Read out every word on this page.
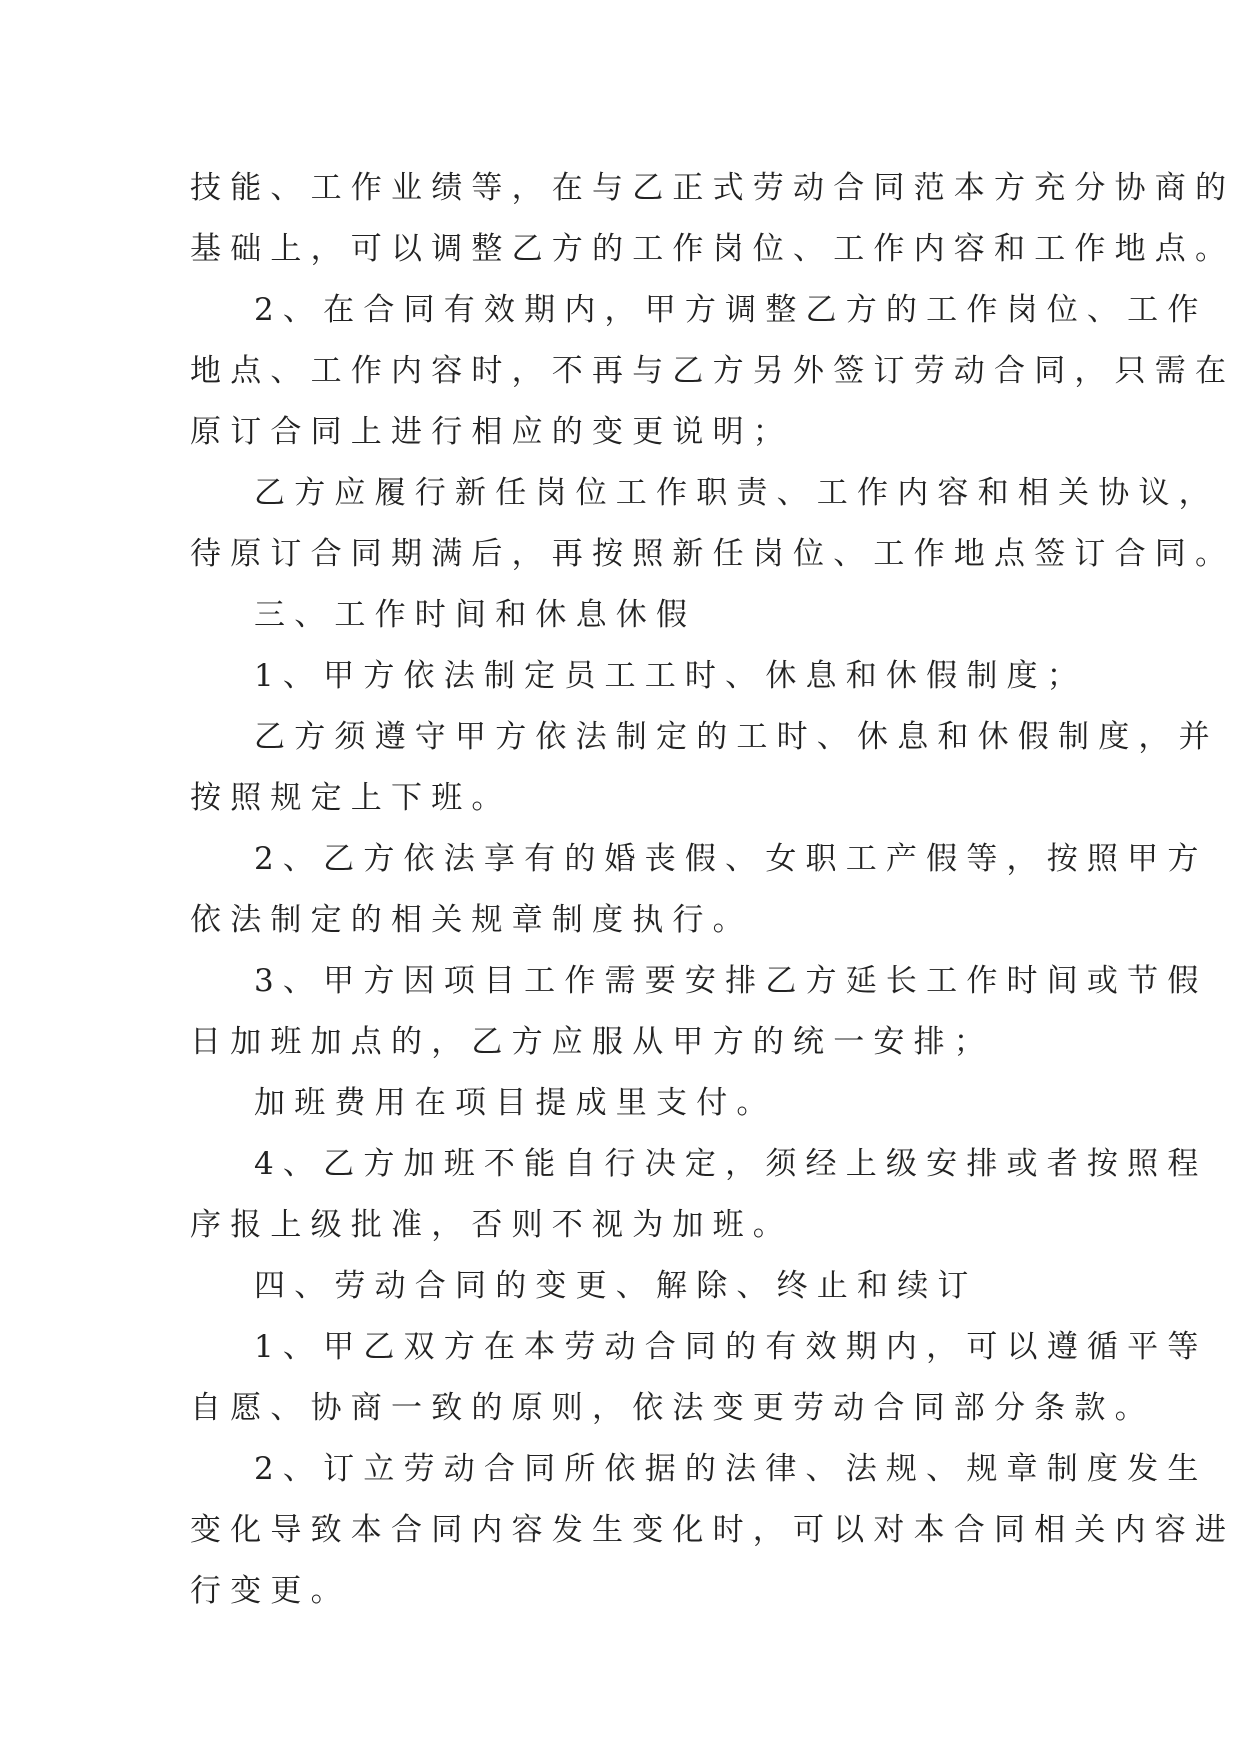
技能、工作业绩等，在与乙正式劳动合同范本方充分协商的
基础上，可以调整乙方的工作岗位、工作内容和工作地点。
2、在合同有效期内，甲方调整乙方的工作岗位、工作
地点、工作内容时，不再与乙方另外签订劳动合同，只需在
原订合同上进行相应的变更说明；
乙方应履行新任岗位工作职责、工作内容和相关协议，
待原订合同期满后，再按照新任岗位、工作地点签订合同。
三、工作时间和休息休假
1、甲方依法制定员工工时、休息和休假制度；
乙方须遵守甲方依法制定的工时、休息和休假制度，并
按照规定上下班。
2、乙方依法享有的婚丧假、女职工产假等，按照甲方
依法制定的相关规章制度执行。
3、甲方因项目工作需要安排乙方延长工作时间或节假
日加班加点的，乙方应服从甲方的统一安排；
加班费用在项目提成里支付。
4、乙方加班不能自行决定，须经上级安排或者按照程
序报上级批准，否则不视为加班。
四、劳动合同的变更、解除、终止和续订
1、甲乙双方在本劳动合同的有效期内，可以遵循平等
自愿、协商一致的原则，依法变更劳动合同部分条款。
2、订立劳动合同所依据的法律、法规、规章制度发生
变化导致本合同内容发生变化时，可以对本合同相关内容进
行变更。
